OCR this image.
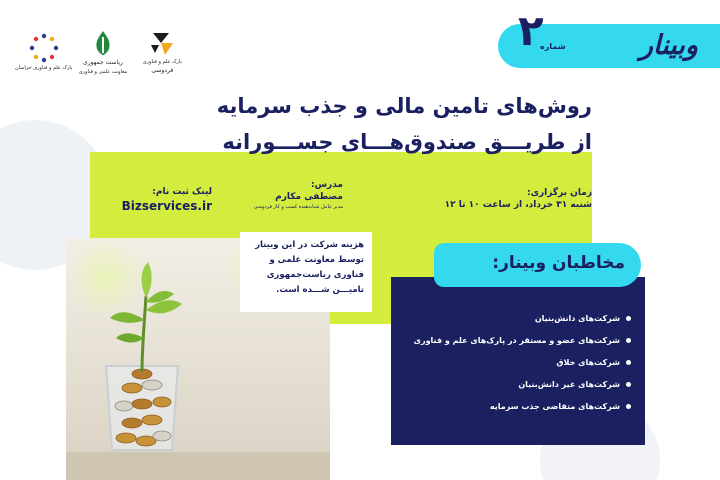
پارک علم و فناوری خراسان
ریاست جمهوری
معاونت علمی و فناوری
پارک علم و فناوری
فردوسی
وبینار
۲
شماره
روش‌های تامین مالی و جذب سرمایه
از طریـــق صندوق‌هـــای جســـورانه
زمان برگزاری:
شنبه ۳۱ خرداد، از ساعت ۱۰ تا ۱۲
مدرس:
مصطفی مکارم
مدیر عامل شتابدهنده کسب و کار فردوسی
لینک ثبت نام:
Bizservices.ir
هزینه شرکت در این وبینار توسط معاونت علمی و فناوری ریاست‌جمهوری تامیـــن شـــده است.
مخاطبان وبینار:
شرکت‌های دانش‌بنیان
شرکت‌های عضو و مستقر در پارک‌های علم و فناوری
شرکت‌های خلاق
شرکت‌های غیر دانش‌بنیان
شرکت‌های متقاضی جذب سرمایه
